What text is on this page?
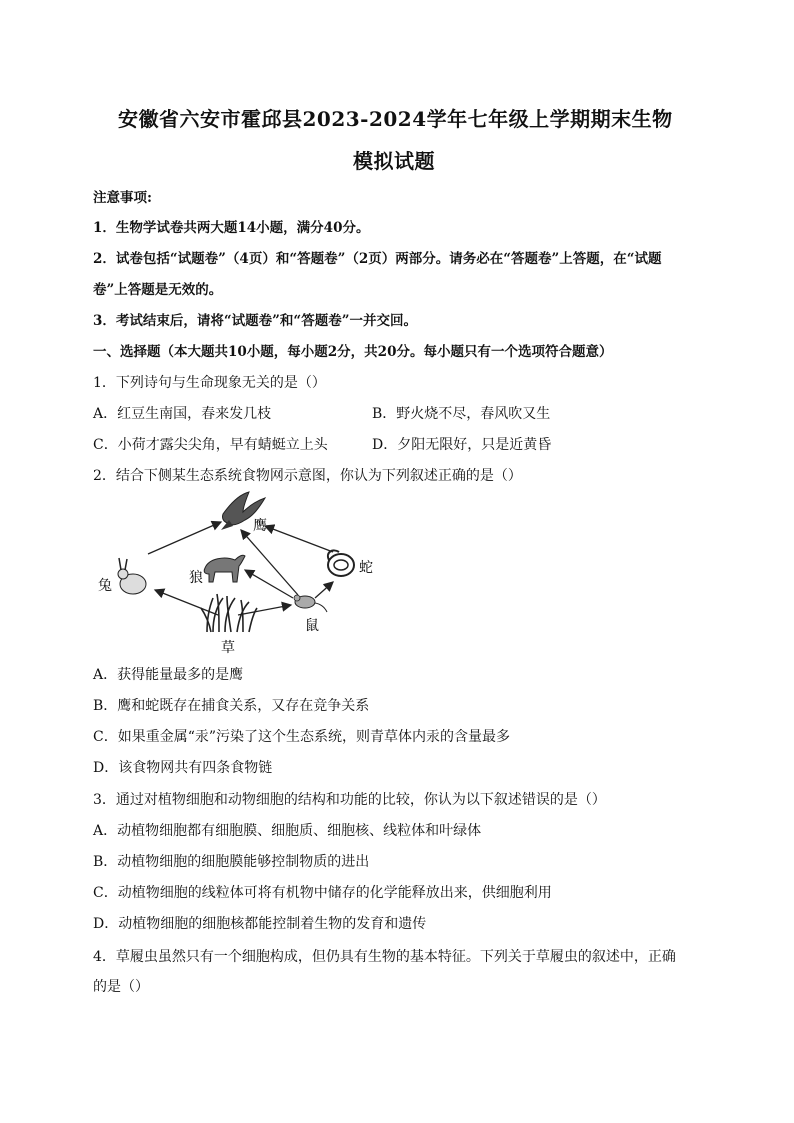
安徽省六安市霍邱县2023-2024学年七年级上学期期末生物
模拟试题
注意事项:
1．生物学试卷共两大题14小题，满分40分。
2．试卷包括“试题卷”（4页）和“答题卷”（2页）两部分。请务必在“答题卷”上答题，在“试题
卷”上答题是无效的。
3．考试结束后，请将“试题卷”和“答题卷”一并交回。
一、选择题（本大题共10小题，每小题2分，共20分。每小题只有一个选项符合题意）
1．下列诗句与生命现象无关的是（）
A．红豆生南国，春来发几枝	B．野火烧不尽，春风吹又生
C．小荷才露尖尖角，早有蜻蜓立上头	D．夕阳无限好，只是近黄昏
2．结合下侧某生态系统食物网示意图，你认为下列叙述正确的是（）
鹰
蛇
兔	狼
鼠
草
A．获得能量最多的是鹰
B．鹰和蛇既存在捕食关系，又存在竞争关系
C．如果重金属“汞”污染了这个生态系统，则青草体内汞的含量最多
D．该食物网共有四条食物链
3．通过对植物细胞和动物细胞的结构和功能的比较，你认为以下叙述错误的是（）
A．动植物细胞都有细胞膜、细胞质、细胞核、线粒体和叶绿体
B．动植物细胞的细胞膜能够控制物质的进出
C．动植物细胞的线粒体可将有机物中储存的化学能释放出来，供细胞利用
D．动植物细胞的细胞核都能控制着生物的发育和遗传
4．草履虫虽然只有一个细胞构成，但仍具有生物的基本特征。下列关于草履虫的叙述中，正确
的是（）
